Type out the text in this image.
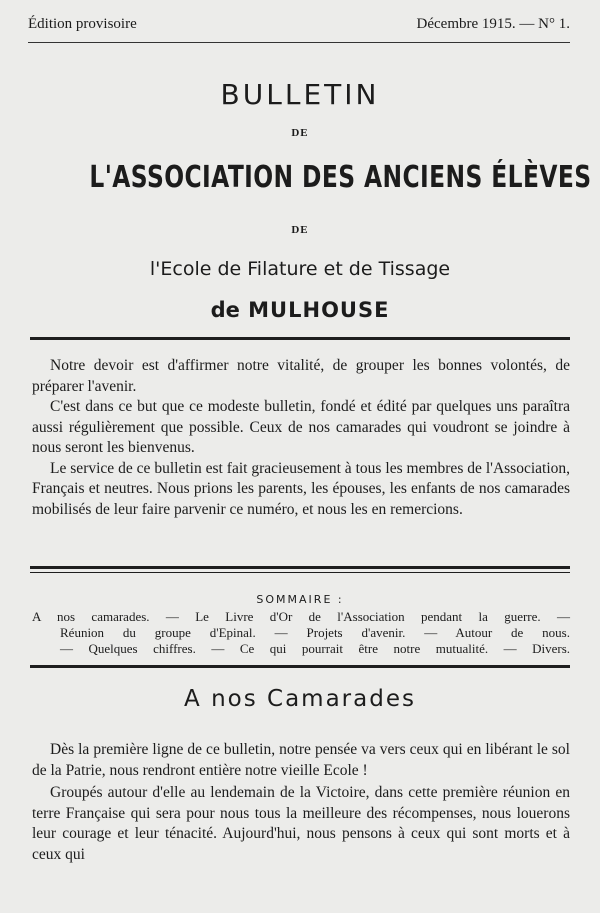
Édition provisoire	Décembre 1915. — N° 1.
BULLETIN
DE
L'ASSOCIATION DES ANCIENS ÉLÈVES
DE
l'Ecole de Filature et de Tissage
de MULHOUSE

Notre devoir est d'affirmer notre vitalité, de grouper les bonnes volontés, de préparer l'avenir.

C'est dans ce but que ce modeste bulletin, fondé et édité par quelques uns paraîtra aussi régulièrement que possible. Ceux de nos camarades qui voudront se joindre à nous seront les bienvenus.

Le service de ce bulletin est fait gracieusement à tous les membres de l'Association, Français et neutres. Nous prions les parents, les épouses, les enfants de nos camarades mobilisés de leur faire parvenir ce numéro, et nous les en remercions.

SOMMAIRE :
A nos camarades. — Le Livre d'Or de l'Association pendant la guerre. —
Réunion du groupe d'Epinal. — Projets d'avenir. — Autour de nous.
— Quelques chiffres. — Ce qui pourrait être notre mutualité. — Divers.
A nos Camarades

Dès la première ligne de ce bulletin, notre pensée va vers ceux qui en libérant le sol de la Patrie, nous rendront entière notre vieille Ecole !

Groupés autour d'elle au lendemain de la Victoire, dans cette première réunion en terre Française qui sera pour nous tous la meilleure des récompenses, nous louerons leur courage et leur ténacité. Aujourd'hui, nous pensons à ceux qui sont morts et à ceux qui
